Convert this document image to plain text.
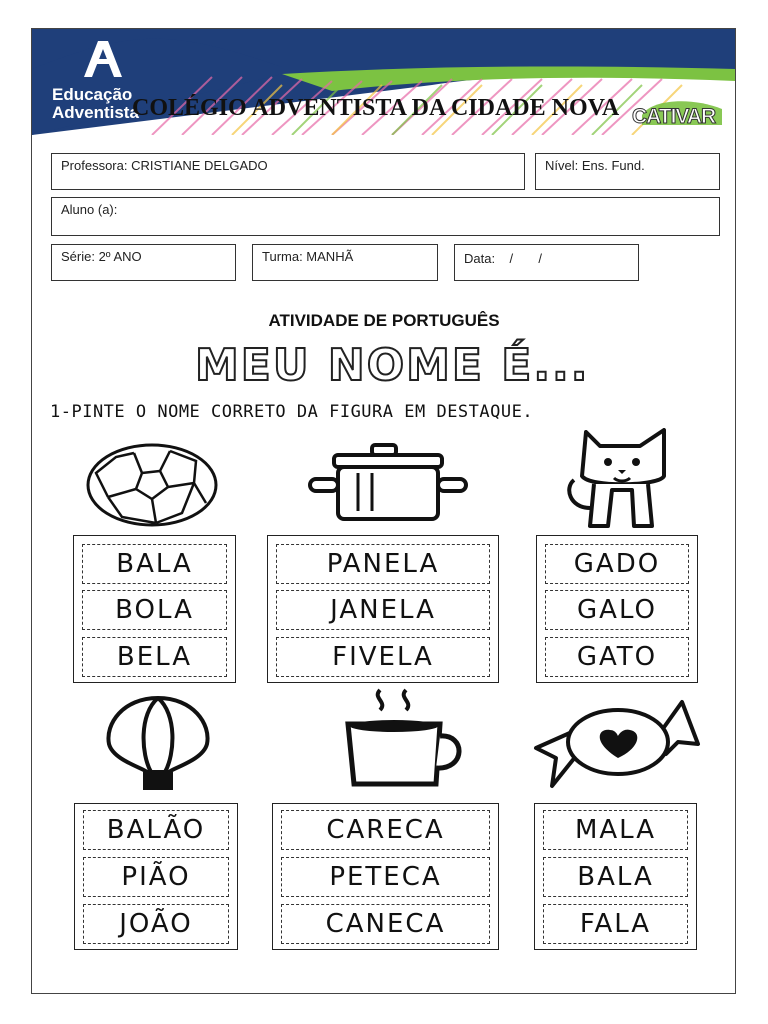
Educação
Adventista
COLÉGIO ADVENTISTA DA CIDADE NOVA CATIVAR
Professora: CRISTIANE DELGADO	Nível: Ens. Fund.
Aluno (a):
Série: 2º ANO	Turma: MANHÃ	Data:    /       /
ATIVIDADE DE PORTUGUÊS
MEU NOME É...
1-PINTE O NOME CORRETO DA FIGURA EM DESTAQUE.
BALA
BOLA
BELA
PANELA
JANELA
FIVELA
GADO
GALO
GATO
BALÃO
PIÃO
JOÃO
CARECA
PETECA
CANECA
MALA
BALA
FALA
